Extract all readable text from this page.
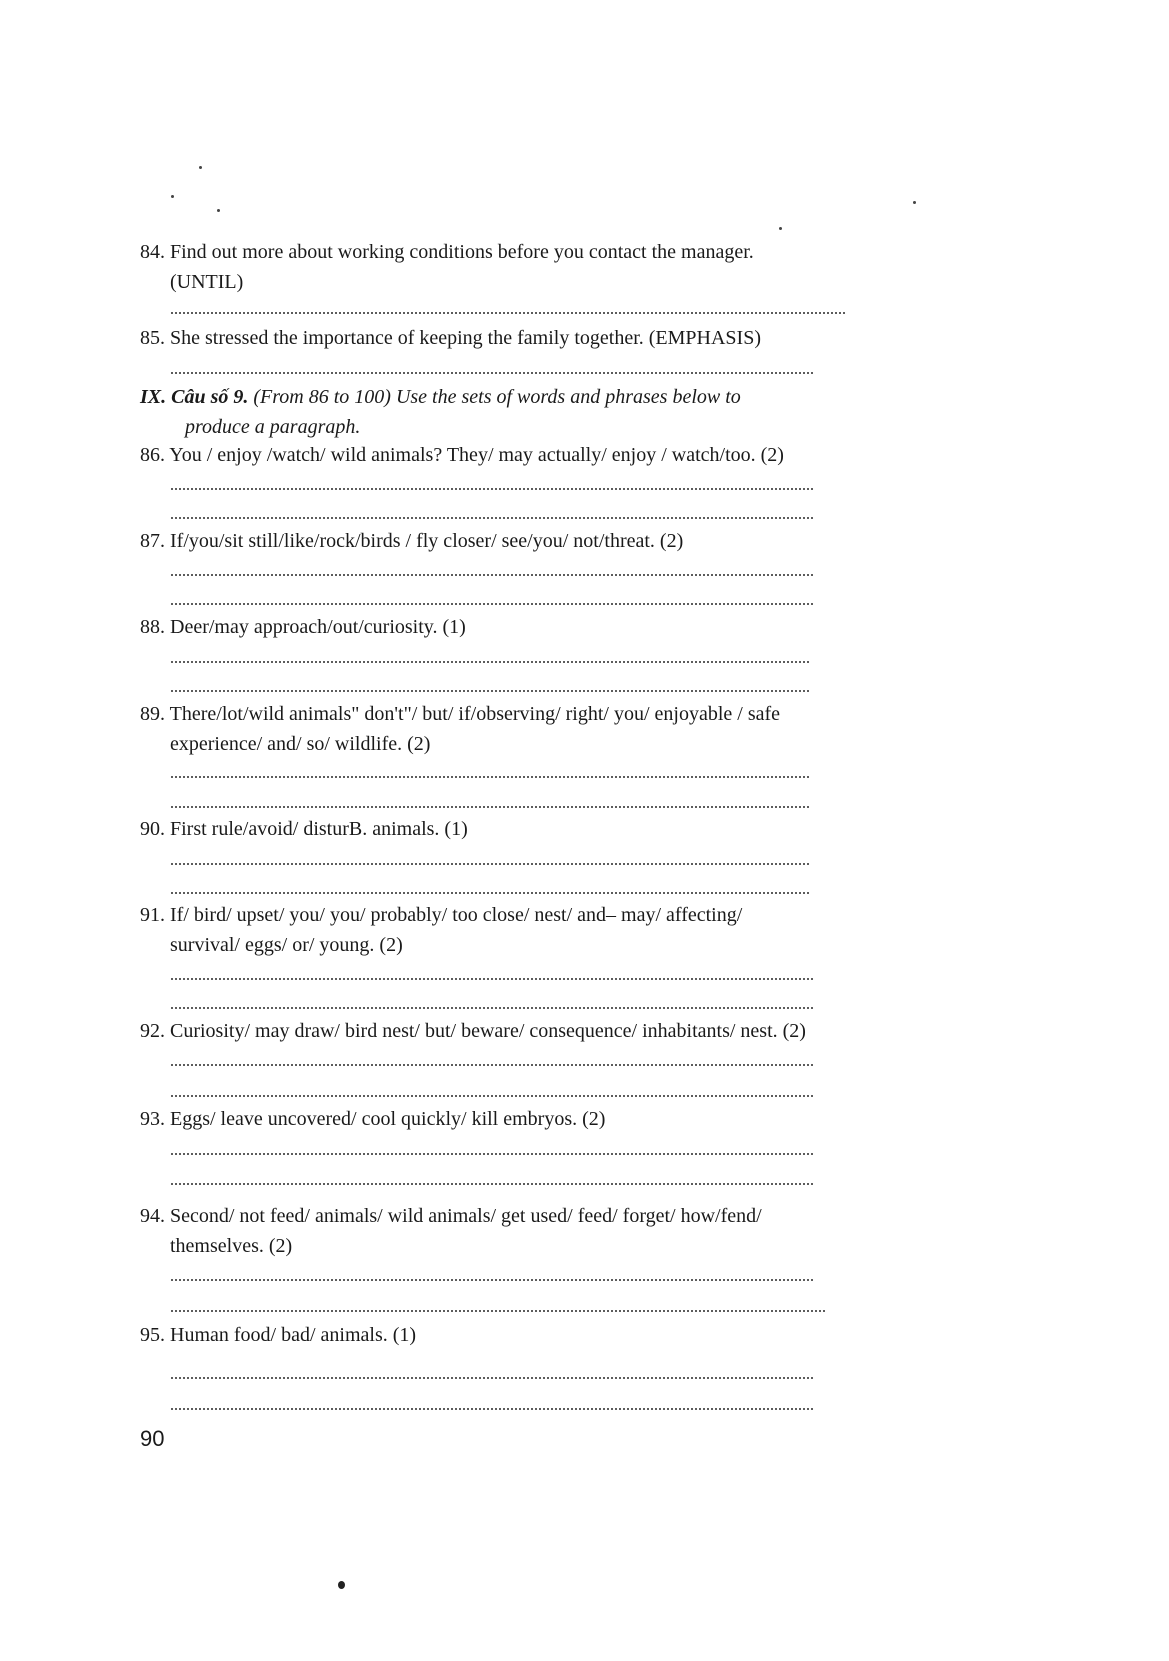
84. Find out more about working conditions before you contact the manager.
(UNTIL)
85. She stressed the importance of keeping the family together. (EMPHASIS)
IX. Câu số 9. (From 86 to 100) Use the sets of words and phrases below to
produce a paragraph.
86. You / enjoy /watch/ wild animals? They/ may actually/ enjoy / watch/too. (2)
87. If/you/sit still/like/rock/birds / fly closer/ see/you/ not/threat. (2)
88. Deer/may approach/out/curiosity. (1)
89. There/lot/wild animals" don't"/ but/ if/observing/ right/ you/ enjoyable / safe
experience/ and/ so/ wildlife. (2)
90. First rule/avoid/ disturB. animals. (1)
91. If/ bird/ upset/ you/ you/ probably/ too close/ nest/ and– may/ affecting/
survival/ eggs/ or/ young. (2)
92. Curiosity/ may draw/ bird nest/ but/ beware/ consequence/ inhabitants/ nest. (2)
93. Eggs/ leave uncovered/ cool quickly/ kill embryos. (2)
94. Second/ not feed/ animals/ wild animals/ get used/ feed/ forget/ how/fend/
themselves. (2)
95. Human food/ bad/ animals. (1)
90
